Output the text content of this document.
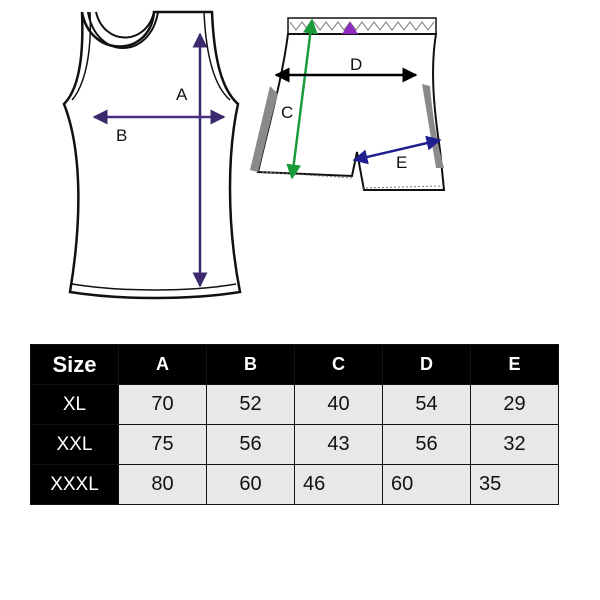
A
B
C
D
E
Size	A	B	C	D	E
XL	70	52	40	54	29
XXL	75	56	43	56	32
XXXL	80	60	46	60	35
